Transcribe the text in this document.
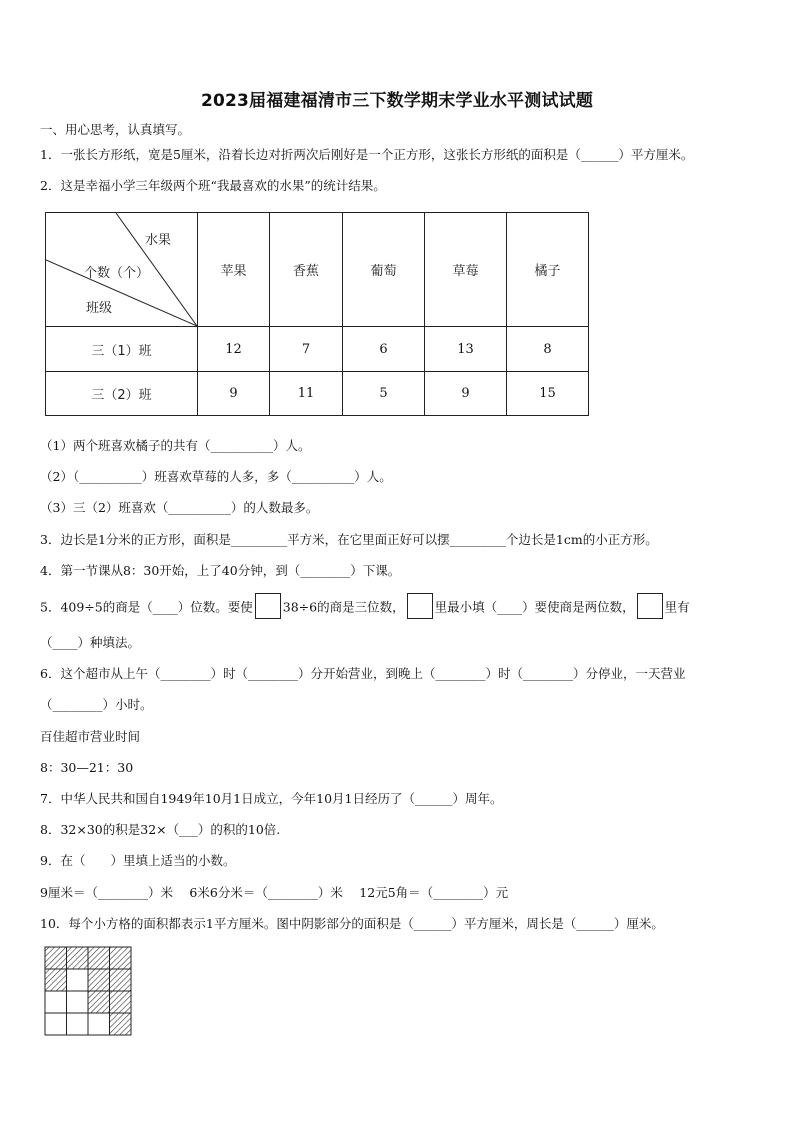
2023届福建福清市三下数学期末学业水平测试试题
一、用心思考，认真填写。
1．一张长方形纸，宽是5厘米，沿着长边对折两次后刚好是一个正方形，这张长方形纸的面积是（______）平方厘米。
2．这是幸福小学三年级两个班“我最喜欢的水果”的统计结果。
水果
个数（个）
班级	苹果	香蕉	葡萄	草莓	橘子
三（1）班	12	7	6	13	8
三（2）班	9	11	5	9	15
（1）两个班喜欢橘子的共有（__________）人。
（2）（__________）班喜欢草莓的人多，多（__________）人。
（3）三（2）班喜欢（__________）的人数最多。
3．边长是1分米的正方形，面积是_________平方米，在它里面正好可以摆_________个边长是1cm的小正方形。
4．第一节课从8：30开始，上了40分钟，到（________）下课。
5．409÷5的商是（____）位数。要使 38÷6的商是三位数， 里最小填（____）要使商是两位数， 里有
（____）种填法。
6．这个超市从上午（________）时（________）分开始营业，到晚上（________）时（________）分停业，一天营业
（________）小时。
百佳超市营业时间
8：30—21：30
7．中华人民共和国自1949年10月1日成立，今年10月1日经历了（______）周年。
8．32×30的积是32×（___）的积的10倍.
9．在（　　）里填上适当的小数。
9厘米＝（________）米　 6米6分米＝（________）米　 12元5角＝（________）元
10．每个小方格的面积都表示1平方厘米。图中阴影部分的面积是（______）平方厘米，周长是（______）厘米。
